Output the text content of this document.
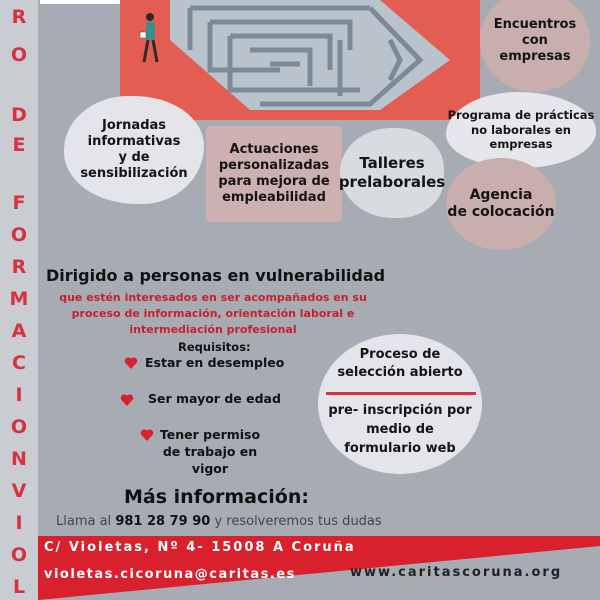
R
O
D
E
F
O
R
M
A
C
I
O
N
V
I
O
L
Encuentros
con
empresas
Jornadas
informativas
y de sensibilización
Actuaciones
personalizadas
para mejora de
empleabilidad
Talleres
prelaborales
Programa de prácticas
no laborales en
empresas
Agencia
de colocación
Dirigido a personas en vulnerabilidad
que estén interesados en ser acompañados en su
proceso de información, orientación laboral e
intermediación profesional
Requisitos:
Estar en desempleo
Ser mayor de edad
Tener permiso
de trabajo en vigor
Proceso de
selección abierto
pre- inscripción por
medio de
formulario web
Más información:
Llama al 981 28 79 90 y resolveremos tus dudas
C/ Violetas, Nº 4- 15008 A Coruña
violetas.cicoruna@caritas.es	www.caritascoruna.org
